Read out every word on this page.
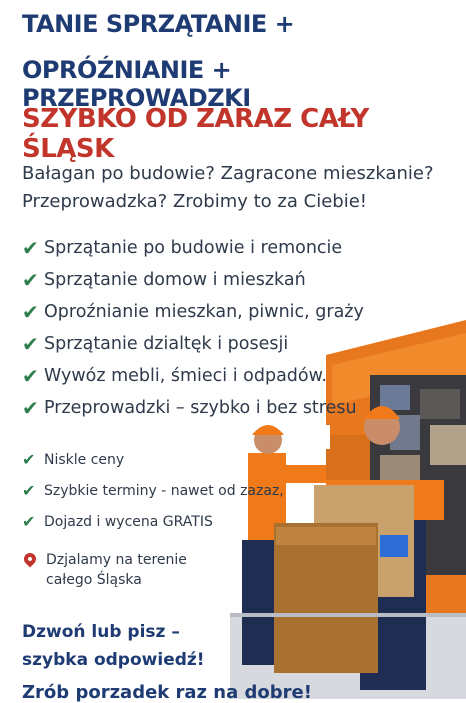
TANIE SPRZĄTANIE +

OPRÓŹNIANIE + PRZEPROWADZKI

SZYBKO OD ZARAZ CAŁY ŚLĄSK

Bałagan po budowie? Zagracone mieszkanie?
Przeprowadzka? Zrobimy to za Ciebie!

✔ Sprzątanie po budowie i remoncie
✔ Sprzątanie domow i mieszkań
✔ Oproźnianie mieszkan, piwnic, graży
✔ Sprzątanie dzialtęk i posesji
✔ Wywóz mebli, śmieci i odpadów.
✔ Przeprowadzki – szybko i bez stresu
✔ Niskle ceny
✔ Szybkie terminy - nawet od zazaz,
✔ Dojazd i wycena GRATIS
Dzjalamy na terenie
całego Śląska

Dzwoń lub pisz –
szybka odpowiedź!

Zrób porzadek raz na dobre!
